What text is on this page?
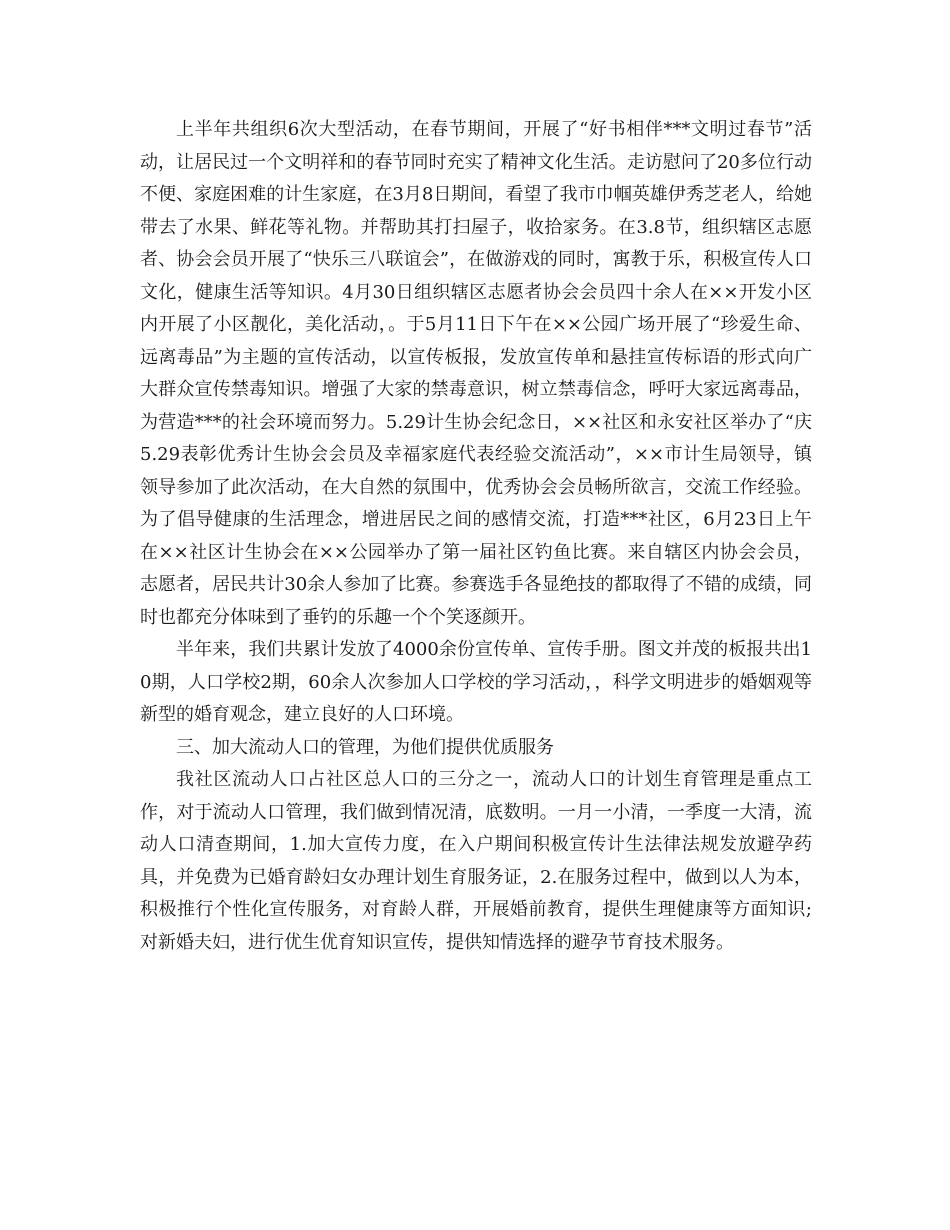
上半年共组织6次大型活动，在春节期间，开展了“好书相伴***文明过春节”活动，让居民过一个文明祥和的春节同时充实了精神文化生活。走访慰问了20多位行动不便、家庭困难的计生家庭，在3月8日期间，看望了我市巾帼英雄伊秀芝老人，给她带去了水果、鲜花等礼物。并帮助其打扫屋子，收拾家务。在3.8节，组织辖区志愿者、协会会员开展了“快乐三八联谊会”，在做游戏的同时，寓教于乐，积极宣传人口文化，健康生活等知识。4月30日组织辖区志愿者协会会员四十余人在××开发小区内开展了小区靓化，美化活动，。于5月11日下午在××公园广场开展了“珍爱生命、远离毒品”为主题的宣传活动，以宣传板报，发放宣传单和悬挂宣传标语的形式向广大群众宣传禁毒知识。增强了大家的禁毒意识，树立禁毒信念，呼吁大家远离毒品，为营造***的社会环境而努力。5.29计生协会纪念日，××社区和永安社区举办了“庆5.29表彰优秀计生协会会员及幸福家庭代表经验交流活动”，××市计生局领导，镇领导参加了此次活动，在大自然的氛围中，优秀协会会员畅所欲言，交流工作经验。为了倡导健康的生活理念，增进居民之间的感情交流，打造***社区，6月23日上午在××社区计生协会在××公园举办了第一届社区钓鱼比赛。来自辖区内协会会员，志愿者，居民共计30余人参加了比赛。参赛选手各显绝技的都取得了不错的成绩，同时也都充分体味到了垂钓的乐趣一个个笑逐颜开。

半年来，我们共累计发放了4000余份宣传单、宣传手册。图文并茂的板报共出10期，人口学校2期，60余人次参加人口学校的学习活动，，科学文明进步的婚姻观等新型的婚育观念，建立良好的人口环境。

三、加大流动人口的管理，为他们提供优质服务

我社区流动人口占社区总人口的三分之一，流动人口的计划生育管理是重点工作，对于流动人口管理，我们做到情况清，底数明。一月一小清，一季度一大清，流动人口清查期间，1.加大宣传力度，在入户期间积极宣传计生法律法规发放避孕药具，并免费为已婚育龄妇女办理计划生育服务证，2.在服务过程中，做到以人为本，积极推行个性化宣传服务，对育龄人群，开展婚前教育，提供生理健康等方面知识;对新婚夫妇，进行优生优育知识宣传，提供知情选择的避孕节育技术服务。
